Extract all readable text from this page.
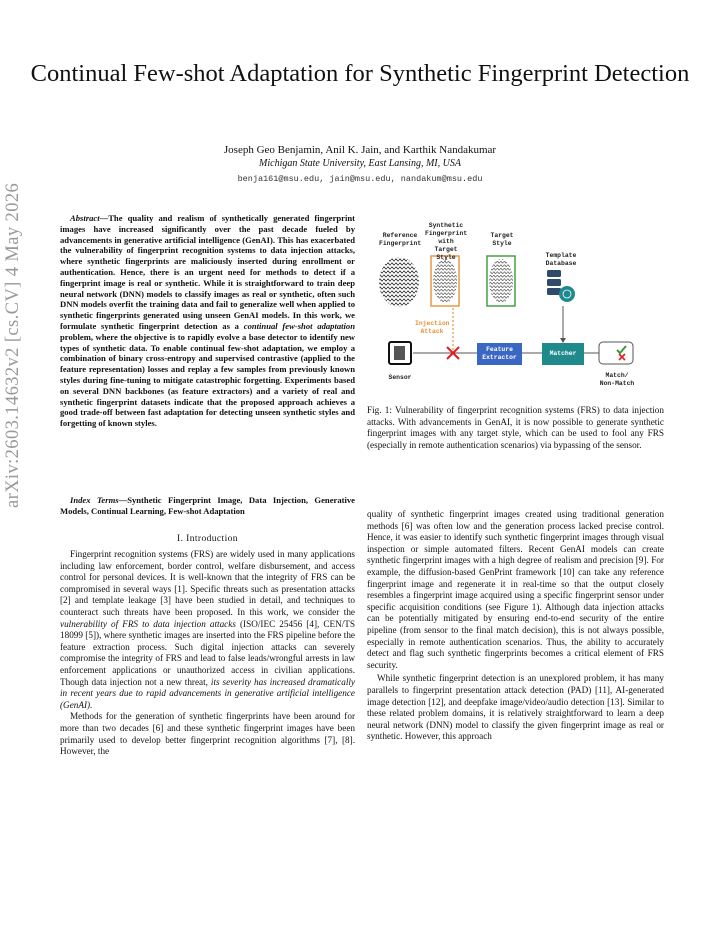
arXiv:2603.14632v2 [cs.CV] 4 May 2026
Continual Few-shot Adaptation for Synthetic Fingerprint Detection
Joseph Geo Benjamin, Anil K. Jain, and Karthik Nandakumar
Michigan State University, East Lansing, MI, USA
benja161@msu.edu, jain@msu.edu, nandakum@msu.edu
Abstract—The quality and realism of synthetically generated fingerprint images have increased significantly over the past decade fueled by advancements in generative artificial intelligence (GenAI). This has exacerbated the vulnerability of fingerprint recognition systems to data injection attacks, where synthetic fingerprints are maliciously inserted during enrollment or authentication. Hence, there is an urgent need for methods to detect if a fingerprint image is real or synthetic. While it is straightforward to train deep neural network (DNN) models to classify images as real or synthetic, often such DNN models overfit the training data and fail to generalize well when applied to synthetic fingerprints generated using unseen GenAI models. In this work, we formulate synthetic fingerprint detection as a continual few-shot adaptation problem, where the objective is to rapidly evolve a base detector to identify new types of synthetic data. To enable continual few-shot adaptation, we employ a combination of binary cross-entropy and supervised contrastive (applied to the feature representation) losses and replay a few samples from previously known styles during fine-tuning to mitigate catastrophic forgetting. Experiments based on several DNN backbones (as feature extractors) and a variety of real and synthetic fingerprint datasets indicate that the proposed approach achieves a good trade-off between fast adaptation for detecting unseen synthetic styles and forgetting of known styles.
Index Terms—Synthetic Fingerprint Image, Data Injection, Generative Models, Continual Learning, Few-shot Adaptation
I. Introduction

Fingerprint recognition systems (FRS) are widely used in many applications including law enforcement, border control, welfare disbursement, and access control for personal devices. It is well-known that the integrity of FRS can be compromised in several ways [1]. Specific threats such as presentation attacks [2] and template leakage [3] have been studied in detail, and techniques to counteract such threats have been proposed. In this work, we consider the vulnerability of FRS to data injection attacks (ISO/IEC 25456 [4], CEN/TS 18099 [5]), where synthetic images are inserted into the FRS pipeline before the feature extraction process. Such digital injection attacks can severely compromise the integrity of FRS and lead to false leads/wrongful arrests in law enforcement applications or unauthorized access in civilian applications. Though data injection not a new threat, its severity has increased dramatically in recent years due to rapid advancements in generative artificial intelligence (GenAI).

Methods for the generation of synthetic fingerprints have been around for more than two decades [6] and these synthetic fingerprint images have been primarily used to develop better fingerprint recognition algorithms [7], [8]. However, the

Reference
Fingerprint
Synthetic
Fingerprint
with Target
Style
Target
Style
Template
Database
Injection
Attack
Feature
Extractor
Matcher
Sensor	Match/
Non-Match
Fig. 1: Vulnerability of fingerprint recognition systems (FRS) to data injection attacks. With advancements in GenAI, it is now possible to generate synthetic fingerprint images with any target style, which can be used to fool any FRS (especially in remote authentication scenarios) via bypassing of the sensor.

quality of synthetic fingerprint images created using traditional generation methods [6] was often low and the generation process lacked precise control. Hence, it was easier to identify such synthetic fingerprint images through visual inspection or simple automated filters. Recent GenAI models can create synthetic fingerprint images with a high degree of realism and precision [9]. For example, the diffusion-based GenPrint framework [10] can take any reference fingerprint image and regenerate it in real-time so that the output closely resembles a fingerprint image acquired using a specific fingerprint sensor under specific acquisition conditions (see Figure 1). Although data injection attacks can be potentially mitigated by ensuring end-to-end security of the entire pipeline (from sensor to the final match decision), this is not always possible, especially in remote authentication scenarios. Thus, the ability to accurately detect and flag such synthetic fingerprints becomes a critical element of FRS security.

While synthetic fingerprint detection is an unexplored problem, it has many parallels to fingerprint presentation attack detection (PAD) [11], AI-generated image detection [12], and deepfake image/video/audio detection [13]. Similar to these related problem domains, it is relatively straightforward to learn a deep neural network (DNN) model to classify the given fingerprint image as real or synthetic. However, this approach
